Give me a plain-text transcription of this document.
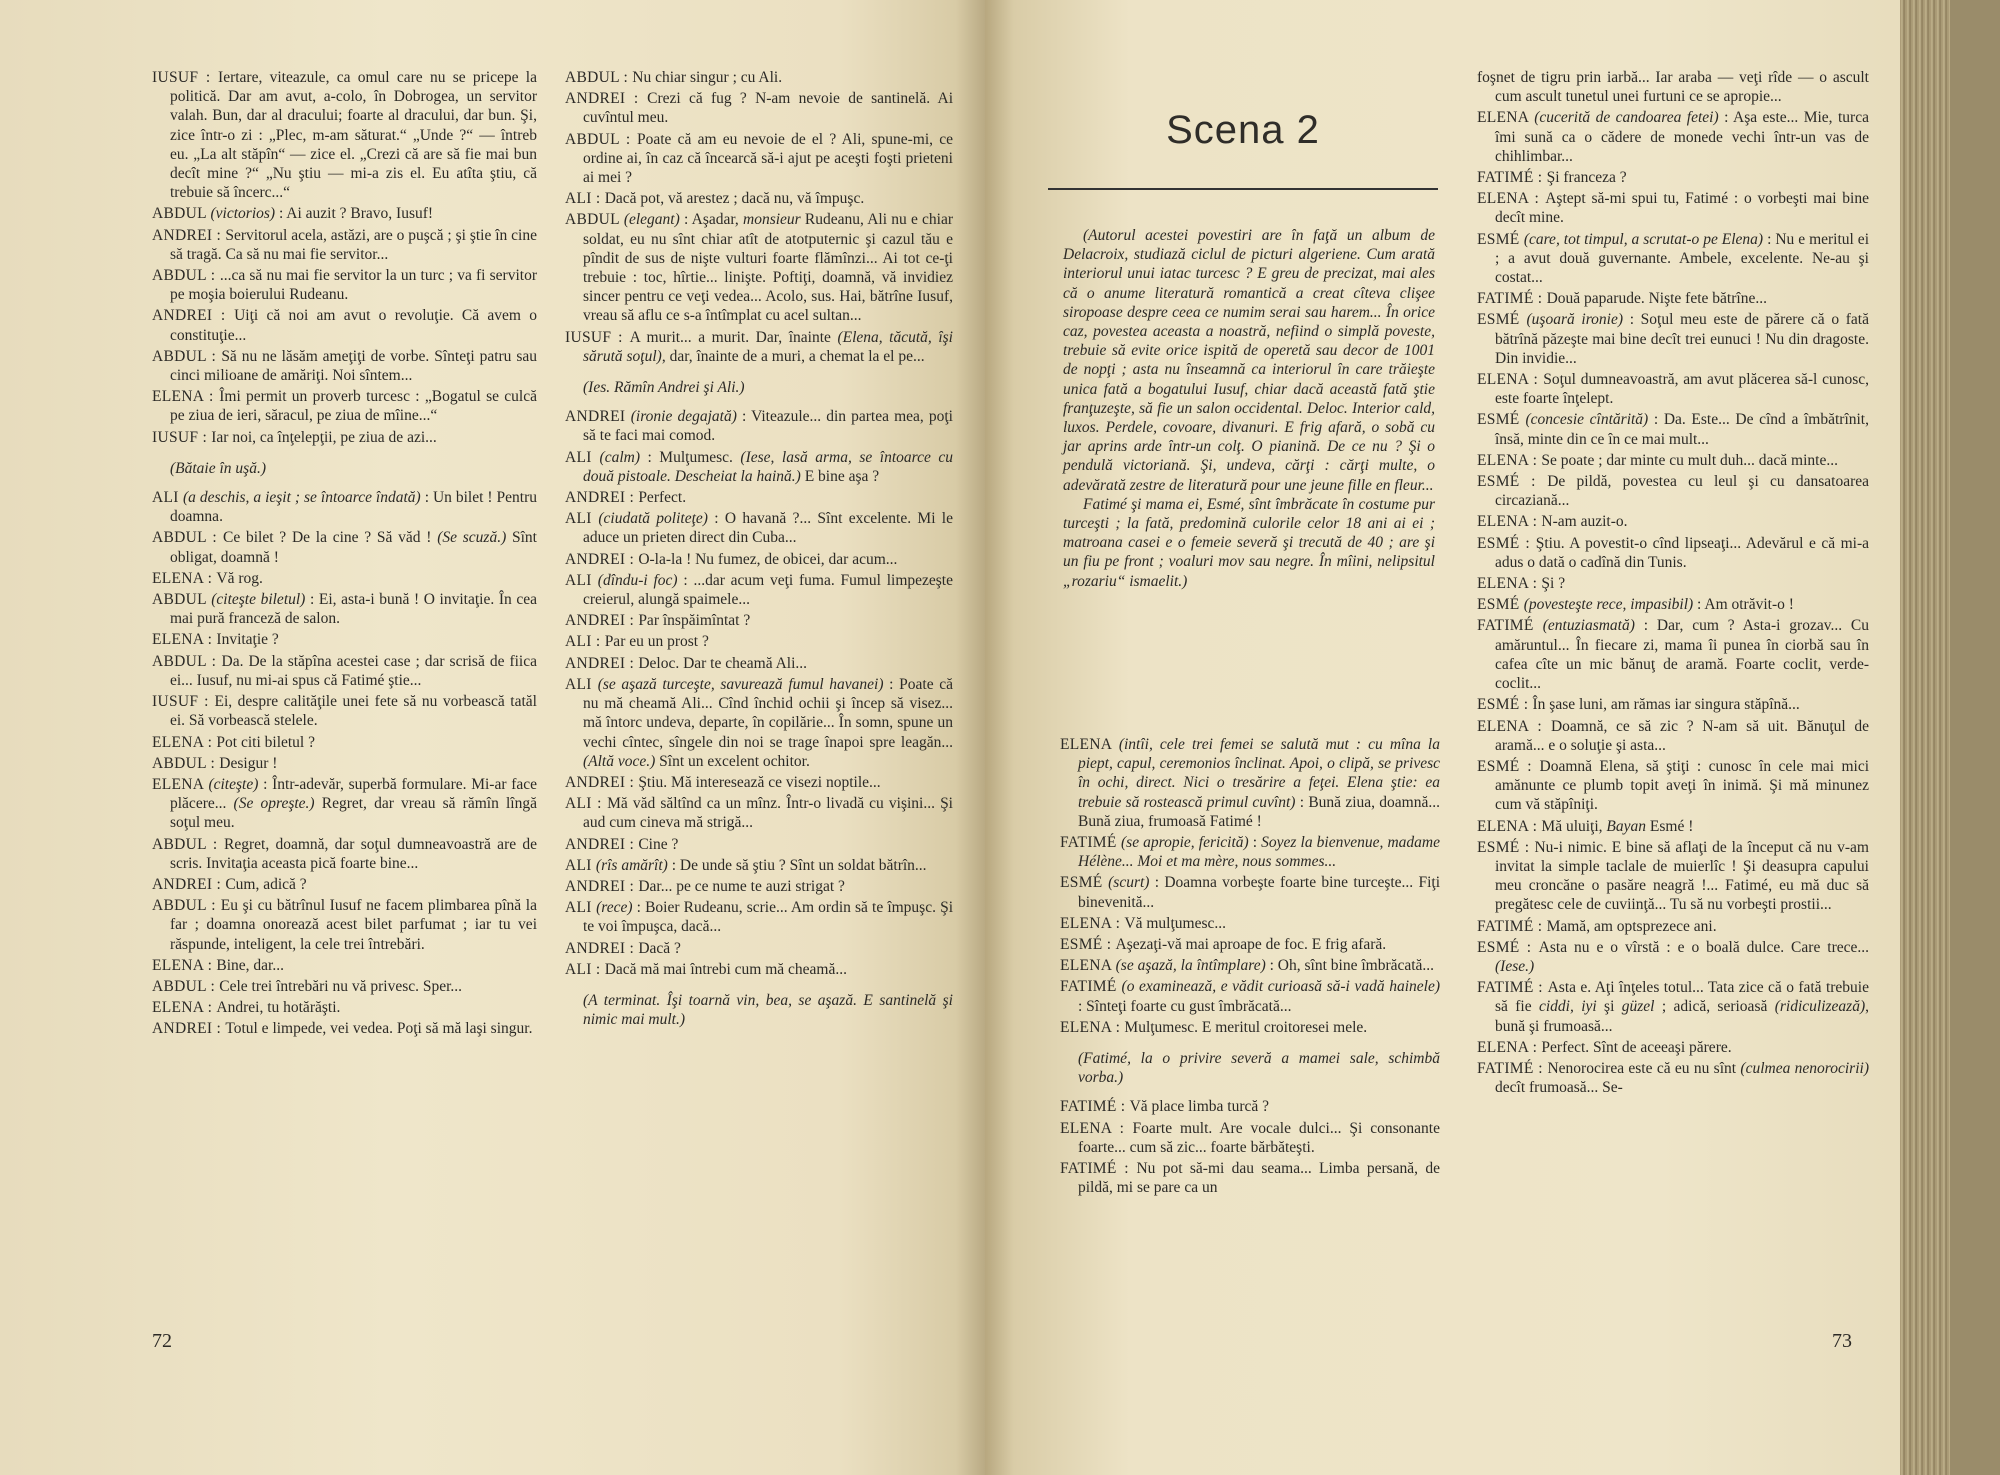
IUSUF : Iertare, viteazule, ca omul care nu se pricepe la politică. Dar am avut, a-colo, în Dobrogea, un servitor valah. Bun, dar al dracului; foarte al dracului, dar bun. Şi, zice într-o zi : „Plec, m-am săturat.“ „Unde ?“ — întreb eu. „La alt stăpîn“ — zice el. „Crezi că are să fie mai bun decît mine ?“ „Nu ştiu — mi-a zis el. Eu atîta ştiu, că trebuie să încerc...“

ABDUL (victorios) : Ai auzit ? Bravo, Iusuf!

ANDREI : Servitorul acela, astăzi, are o puşcă ; şi ştie în cine să tragă. Ca să nu mai fie servitor...

ABDUL : ...ca să nu mai fie servitor la un turc ; va fi servitor pe moşia boierului Rudeanu.

ANDREI : Uiţi că noi am avut o revoluţie. Că avem o constituţie...

ABDUL : Să nu ne lăsăm ameţiţi de vorbe. Sînteţi patru sau cinci milioane de amăriţi. Noi sîntem...

ELENA : Îmi permit un proverb turcesc : „Bogatul se culcă pe ziua de ieri, săracul, pe ziua de mîine...“

IUSUF : Iar noi, ca înţelepţii, pe ziua de azi...

(Bătaie în uşă.)

ALI (a deschis, a ieşit ; se întoarce îndată) : Un bilet ! Pentru doamna.

ABDUL : Ce bilet ? De la cine ? Să văd ! (Se scuză.) Sînt obligat, doamnă !

ELENA : Vă rog.

ABDUL (citeşte biletul) : Ei, asta-i bună ! O invitaţie. În cea mai pură franceză de salon.

ELENA : Invitaţie ?

ABDUL : Da. De la stăpîna acestei case ; dar scrisă de fiica ei... Iusuf, nu mi-ai spus că Fatimé ştie...

IUSUF : Ei, despre calităţile unei fete să nu vorbească tatăl ei. Să vorbească stelele.

ELENA : Pot citi biletul ?

ABDUL : Desigur !

ELENA (citeşte) : Într-adevăr, superbă formulare. Mi-ar face plăcere... (Se opreşte.) Regret, dar vreau să rămîn lîngă soţul meu.

ABDUL : Regret, doamnă, dar soţul dumneavoastră are de scris. Invitaţia aceasta pică foarte bine...

ANDREI : Cum, adică ?

ABDUL : Eu şi cu bătrînul Iusuf ne facem plimbarea pînă la far ; doamna onorează acest bilet parfumat ; iar tu vei răspunde, inteligent, la cele trei întrebări.

ELENA : Bine, dar...

ABDUL : Cele trei întrebări nu vă privesc. Sper...

ELENA : Andrei, tu hotărăşti.

ANDREI : Totul e limpede, vei vedea. Poţi să mă laşi singur.

ABDUL : Nu chiar singur ; cu Ali.

ANDREI : Crezi că fug ? N-am nevoie de santinelă. Ai cuvîntul meu.

ABDUL : Poate că am eu nevoie de el ? Ali, spune-mi, ce ordine ai, în caz că încearcă să-i ajut pe aceşti foşti prieteni ai mei ?

ALI : Dacă pot, vă arestez ; dacă nu, vă împuşc.

ABDUL (elegant) : Aşadar, monsieur Rudeanu, Ali nu e chiar soldat, eu nu sînt chiar atît de atotputernic şi cazul tău e pîndit de sus de nişte vulturi foarte flămînzi... Ai tot ce-ţi trebuie : toc, hîrtie... linişte. Poftiţi, doamnă, vă invidiez sincer pentru ce veţi vedea... Acolo, sus. Hai, bătrîne Iusuf, vreau să aflu ce s-a întîmplat cu acel sultan...

IUSUF : A murit... a murit. Dar, înainte (Elena, tăcută, îşi sărută soţul), dar, înainte de a muri, a chemat la el pe...

(Ies. Rămîn Andrei şi Ali.)

ANDREI (ironie degajată) : Viteazule... din partea mea, poţi să te faci mai comod.

ALI (calm) : Mulţumesc. (Iese, lasă arma, se întoarce cu două pistoale. Descheiat la haină.) E bine aşa ?

ANDREI : Perfect.

ALI (ciudată politeţe) : O havană ?... Sînt excelente. Mi le aduce un prieten direct din Cuba...

ANDREI : O-la-la ! Nu fumez, de obicei, dar acum...

ALI (dîndu-i foc) : ...dar acum veţi fuma. Fumul limpezeşte creierul, alungă spaimele...

ANDREI : Par înspăimîntat ?

ALI : Par eu un prost ?

ANDREI : Deloc. Dar te cheamă Ali...

ALI (se aşază turceşte, savurează fumul havanei) : Poate că nu mă cheamă Ali... Cînd închid ochii şi încep să visez... mă întorc undeva, departe, în copilărie... În somn, spune un vechi cîntec, sîngele din noi se trage înapoi spre leagăn... (Altă voce.) Sînt un excelent ochitor.

ANDREI : Ştiu. Mă interesează ce visezi noptile...

ALI : Mă văd săltînd ca un mînz. Într-o livadă cu vişini... Şi aud cum cineva mă strigă...

ANDREI : Cine ?

ALI (rîs amărît) : De unde să ştiu ? Sînt un soldat bătrîn...

ANDREI : Dar... pe ce nume te auzi strigat ?

ALI (rece) : Boier Rudeanu, scrie... Am ordin să te împuşc. Şi te voi împuşca, dacă...

ANDREI : Dacă ?

ALI : Dacă mă mai întrebi cum mă cheamă...

(A terminat. Îşi toarnă vin, bea, se aşază. E santinelă şi nimic mai mult.)

72
Scena 2

(Autorul acestei povestiri are în faţă un album de Delacroix, studiază ciclul de picturi algeriene. Cum arată interiorul unui iatac turcesc ? E greu de precizat, mai ales că o anume literatură romantică a creat cîteva clişee siropoase despre ceea ce numim serai sau harem... În orice caz, povestea aceasta a noastră, nefiind o simplă poveste, trebuie să evite orice ispită de operetă sau decor de 1001 de nopţi ; asta nu înseamnă ca interiorul în care trăieşte unica fată a bogatului Iusuf, chiar dacă această fată ştie franţuzeşte, să fie un salon occidental. Deloc. Interior cald, luxos. Perdele, covoare, divanuri. E frig afară, o sobă cu jar aprins arde într-un colţ. O pianină. De ce nu ? Şi o pendulă victoriană. Şi, undeva, cărţi : cărţi multe, o adevărată zestre de literatură pour une jeune fille en fleur...

Fatimé şi mama ei, Esmé, sînt îmbrăcate în costume pur turceşti ; la fată, predomină culorile celor 18 ani ai ei ; matroana casei e o femeie severă şi trecută de 40 ; are şi un fiu pe front ; voaluri mov sau negre. În mîini, nelipsitul „rozariu“ ismaelit.)

ELENA (intîi, cele trei femei se salută mut : cu mîna la piept, capul, ceremonios înclinat. Apoi, o clipă, se privesc în ochi, direct. Nici o tresărire a feţei. Elena ştie: ea trebuie să rostească primul cuvînt) : Bună ziua, doamnă... Bună ziua, frumoasă Fatimé !

FATIMÉ (se apropie, fericită) : Soyez la bienvenue, madame Hélène... Moi et ma mère, nous sommes...

ESMÉ (scurt) : Doamna vorbeşte foarte bine turceşte... Fiţi binevenită...

ELENA : Vă mulţumesc...

ESMÉ : Aşezaţi-vă mai aproape de foc. E frig afară.

ELENA (se aşază, la întîmplare) : Oh, sînt bine îmbrăcată...

FATIMÉ (o examinează, e vădit curioasă să-i vadă hainele) : Sînteţi foarte cu gust îmbrăcată...

ELENA : Mulţumesc. E meritul croitoresei mele.

(Fatimé, la o privire severă a mamei sale, schimbă vorba.)

FATIMÉ : Vă place limba turcă ?

ELENA : Foarte mult. Are vocale dulci... Şi consonante foarte... cum să zic... foarte bărbăteşti.

FATIMÉ : Nu pot să-mi dau seama... Limba persană, de pildă, mi se pare ca un

foşnet de tigru prin iarbă... Iar araba — veţi rîde — o ascult cum ascult tunetul unei furtuni ce se apropie...

ELENA (cucerită de candoarea fetei) : Aşa este... Mie, turca îmi sună ca o cădere de monede vechi într-un vas de chihlimbar...

FATIMÉ : Şi franceza ?

ELENA : Aştept să-mi spui tu, Fatimé : o vorbeşti mai bine decît mine.

ESMÉ (care, tot timpul, a scrutat-o pe Elena) : Nu e meritul ei ; a avut două guvernante. Ambele, excelente. Ne-au şi costat...

FATIMÉ : Două paparude. Nişte fete bătrîne...

ESMÉ (uşoară ironie) : Soţul meu este de părere că o fată bătrînă păzeşte mai bine decît trei eunuci ! Nu din dragoste. Din invidie...

ELENA : Soţul dumneavoastră, am avut plăcerea să-l cunosc, este foarte înţelept.

ESMÉ (concesie cîntărită) : Da. Este... De cînd a îmbătrînit, însă, minte din ce în ce mai mult...

ELENA : Se poate ; dar minte cu mult duh... dacă minte...

ESMÉ : De pildă, povestea cu leul şi cu dansatoarea circaziană...

ELENA : N-am auzit-o.

ESMÉ : Ştiu. A povestit-o cînd lipseaţi... Adevărul e că mi-a adus o dată o cadînă din Tunis.

ELENA : Şi ?

ESMÉ (povesteşte rece, impasibil) : Am otrăvit-o !

FATIMÉ (entuziasmată) : Dar, cum ? Asta-i grozav... Cu amăruntul... În fiecare zi, mama îi punea în ciorbă sau în cafea cîte un mic bănuţ de aramă. Foarte coclit, verde-coclit...

ESMÉ : În şase luni, am rămas iar singura stăpînă...

ELENA : Doamnă, ce să zic ? N-am să uit. Bănuţul de aramă... e o soluţie şi asta...

ESMÉ : Doamnă Elena, să ştiţi : cunosc în cele mai mici amănunte ce plumb topit aveţi în inimă. Şi mă minunez cum vă stăpîniţi.

ELENA : Mă uluiţi, Bayan Esmé !

ESMÉ : Nu-i nimic. E bine să aflaţi de la început că nu v-am invitat la simple taclale de muierlîc ! Şi deasupra capului meu croncăne o pasăre neagră !... Fatimé, eu mă duc să pregătesc cele de cuviinţă... Tu să nu vorbeşti prostii...

FATIMÉ : Mamă, am optsprezece ani.

ESMÉ : Asta nu e o vîrstă : e o boală dulce. Care trece... (Iese.)

FATIMÉ : Asta e. Aţi înţeles totul... Tata zice că o fată trebuie să fie ciddi, iyi şi güzel ; adică, serioasă (ridiculizează), bună şi frumoasă...

ELENA : Perfect. Sînt de aceeaşi părere.

FATIMÉ : Nenorocirea este că eu nu sînt (culmea nenorocirii) decît frumoasă... Se-

73
